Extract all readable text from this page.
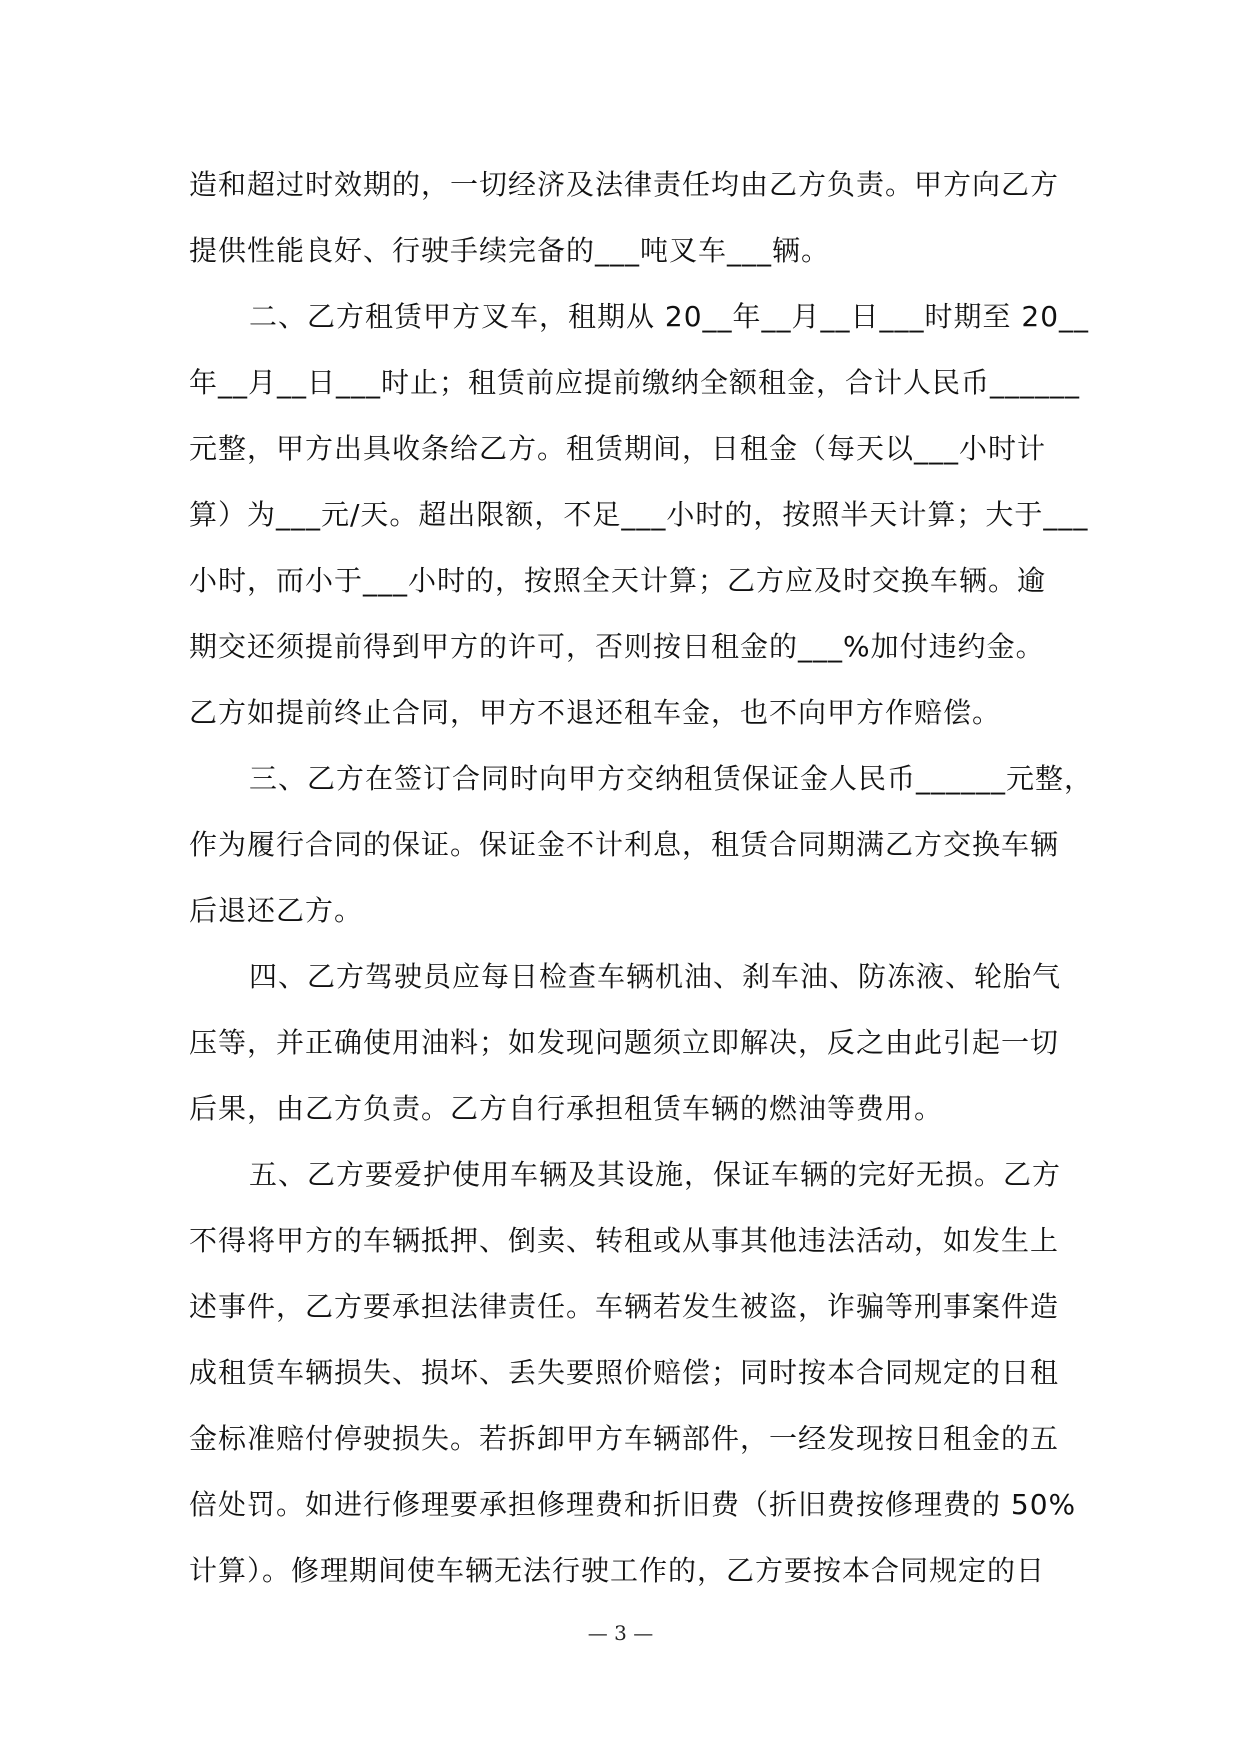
造和超过时效期的，一切经济及法律责任均由乙方负责。甲方向乙方
提供性能良好、行驶手续完备的___吨叉车___辆。
二、乙方租赁甲方叉车，租期从 20__年__月__日___时期至 20__
年__月__日___时止；租赁前应提前缴纳全额租金，合计人民币______
元整，甲方出具收条给乙方。租赁期间，日租金（每天以___小时计
算）为___元/天。超出限额，不足___小时的，按照半天计算；大于___
小时，而小于___小时的，按照全天计算；乙方应及时交换车辆。逾
期交还须提前得到甲方的许可，否则按日租金的___%加付违约金。
乙方如提前终止合同，甲方不退还租车金，也不向甲方作赔偿。
三、乙方在签订合同时向甲方交纳租赁保证金人民币______元整，
作为履行合同的保证。保证金不计利息，租赁合同期满乙方交换车辆
后退还乙方。
四、乙方驾驶员应每日检查车辆机油、刹车油、防冻液、轮胎气
压等，并正确使用油料；如发现问题须立即解决，反之由此引起一切
后果，由乙方负责。乙方自行承担租赁车辆的燃油等费用。
五、乙方要爱护使用车辆及其设施，保证车辆的完好无损。乙方
不得将甲方的车辆抵押、倒卖、转租或从事其他违法活动，如发生上
述事件，乙方要承担法律责任。车辆若发生被盗，诈骗等刑事案件造
成租赁车辆损失、损坏、丢失要照价赔偿；同时按本合同规定的日租
金标准赔付停驶损失。若拆卸甲方车辆部件，一经发现按日租金的五
倍处罚。如进行修理要承担修理费和折旧费（折旧费按修理费的 50%
计算）。修理期间使车辆无法行驶工作的，乙方要按本合同规定的日
— 3 —
